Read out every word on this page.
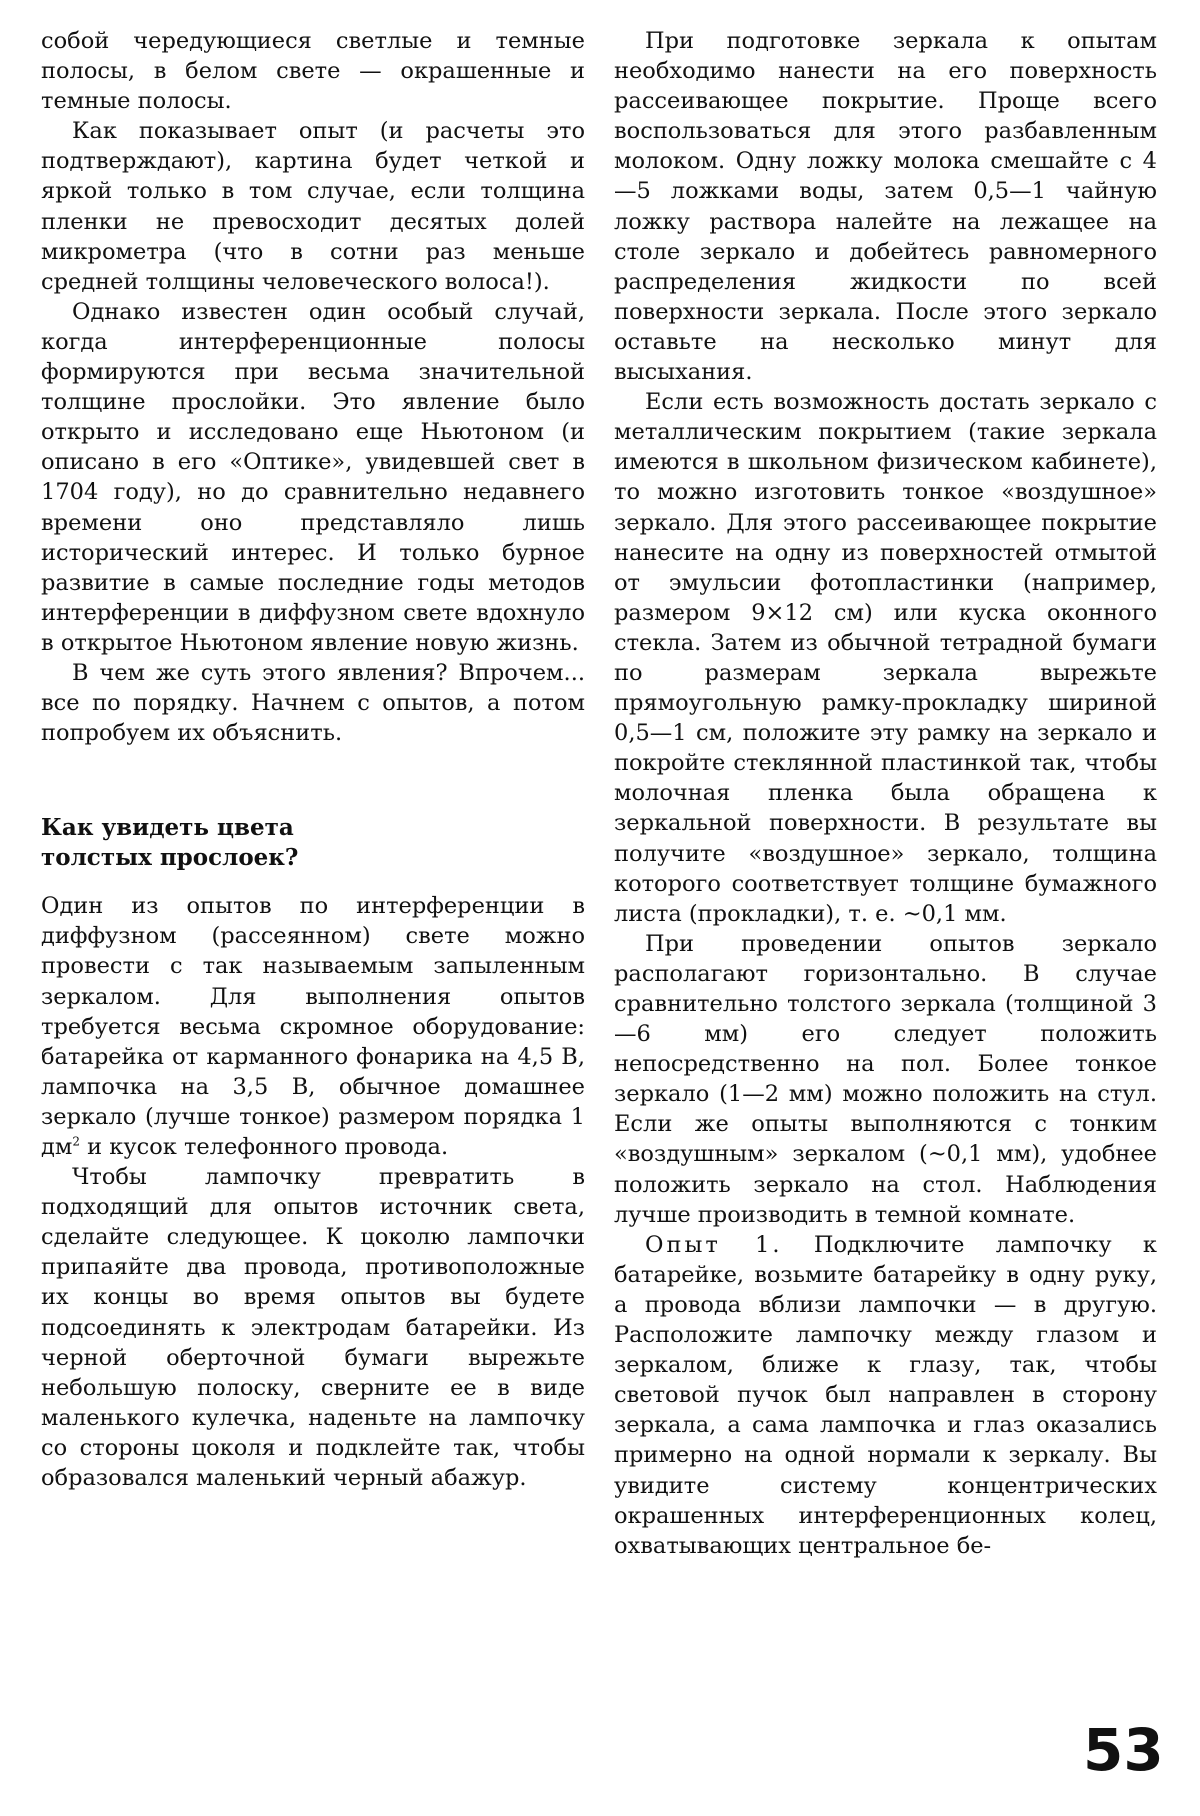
собой чередующиеся светлые и темные полосы, в белом свете — окрашенные и темные полосы.

Как показывает опыт (и расчеты это подтверждают), картина будет четкой и яркой только в том случае, если толщина пленки не превосходит десятых долей микрометра (что в сотни раз меньше средней толщины человеческого волоса!).

Однако известен один особый случай, когда интерференционные полосы формируются при весьма значительной толщине прослойки. Это явление было открыто и исследовано еще Ньютоном (и описано в его «Оптике», увидевшей свет в 1704 году), но до сравнительно недавнего времени оно представляло лишь исторический интерес. И только бурное развитие в самые последние годы методов интерференции в диффузном свете вдохнуло в открытое Ньютоном явление новую жизнь.

В чем же суть этого явления? Впрочем... все по порядку. Начнем с опытов, а потом попробуем их объяснить.

Как увидеть цвета
толстых прослоек?

Один из опытов по интерференции в диффузном (рассеянном) свете можно провести с так называемым запыленным зеркалом. Для выполнения опытов требуется весьма скромное оборудование: батарейка от карманного фонарика на 4,5 В, лампочка на 3,5 В, обычное домашнее зеркало (лучше тонкое) размером порядка 1 $дм^2$ и кусок телефонного провода.

Чтобы лампочку превратить в подходящий для опытов источник света, сделайте следующее. К цоколю лампочки припаяйте два провода, противоположные их концы во время опытов вы будете подсоединять к электродам батарейки. Из черной оберточной бумаги вырежьте небольшую полоску, сверните ее в виде маленького кулечка, наденьте на лампочку со стороны цоколя и подклейте так, чтобы образовался маленький черный абажур.

При подготовке зеркала к опытам необходимо нанести на его поверхность рассеивающее покрытие. Проще всего воспользоваться для этого разбавленным молоком. Одну ложку молока смешайте с 4—5 ложками воды, затем 0,5—1 чайную ложку раствора налейте на лежащее на столе зеркало и добейтесь равномерного распределения жидкости по всей поверхности зеркала. После этого зеркало оставьте на несколько минут для высыхания.

Если есть возможность достать зеркало с металлическим покрытием (такие зеркала имеются в школьном физическом кабинете), то можно изготовить тонкое «воздушное» зеркало. Для этого рассеивающее покрытие нанесите на одну из поверхностей отмытой от эмульсии фотопластинки (например, размером 9×12 см) или куска оконного стекла. Затем из обычной тетрадной бумаги по размерам зеркала вырежьте прямоугольную рамку-прокладку шириной 0,5—1 см, положите эту рамку на зеркало и покройте стеклянной пластинкой так, чтобы молочная пленка была обращена к зеркальной поверхности. В результате вы получите «воздушное» зеркало, толщина которого соответствует толщине бумажного листа (прокладки), т. е. ~0,1 мм.

При проведении опытов зеркало располагают горизонтально. В случае сравнительно толстого зеркала (толщиной 3—6 мм) его следует положить непосредственно на пол. Более тонкое зеркало (1—2 мм) можно положить на стул. Если же опыты выполняются с тонким «воздушным» зеркалом (~0,1 мм), удобнее положить зеркало на стол. Наблюдения лучше производить в темной комнате.

Опыт 1. Подключите лампочку к батарейке, возьмите батарейку в одну руку, а провода вблизи лампочки — в другую. Расположите лампочку между глазом и зеркалом, ближе к глазу, так, чтобы световой пучок был направлен в сторону зеркала, а сама лампочка и глаз оказались примерно на одной нормали к зеркалу. Вы увидите систему концентрических окрашенных интерференционных колец, охватывающих центральное бе-

53
